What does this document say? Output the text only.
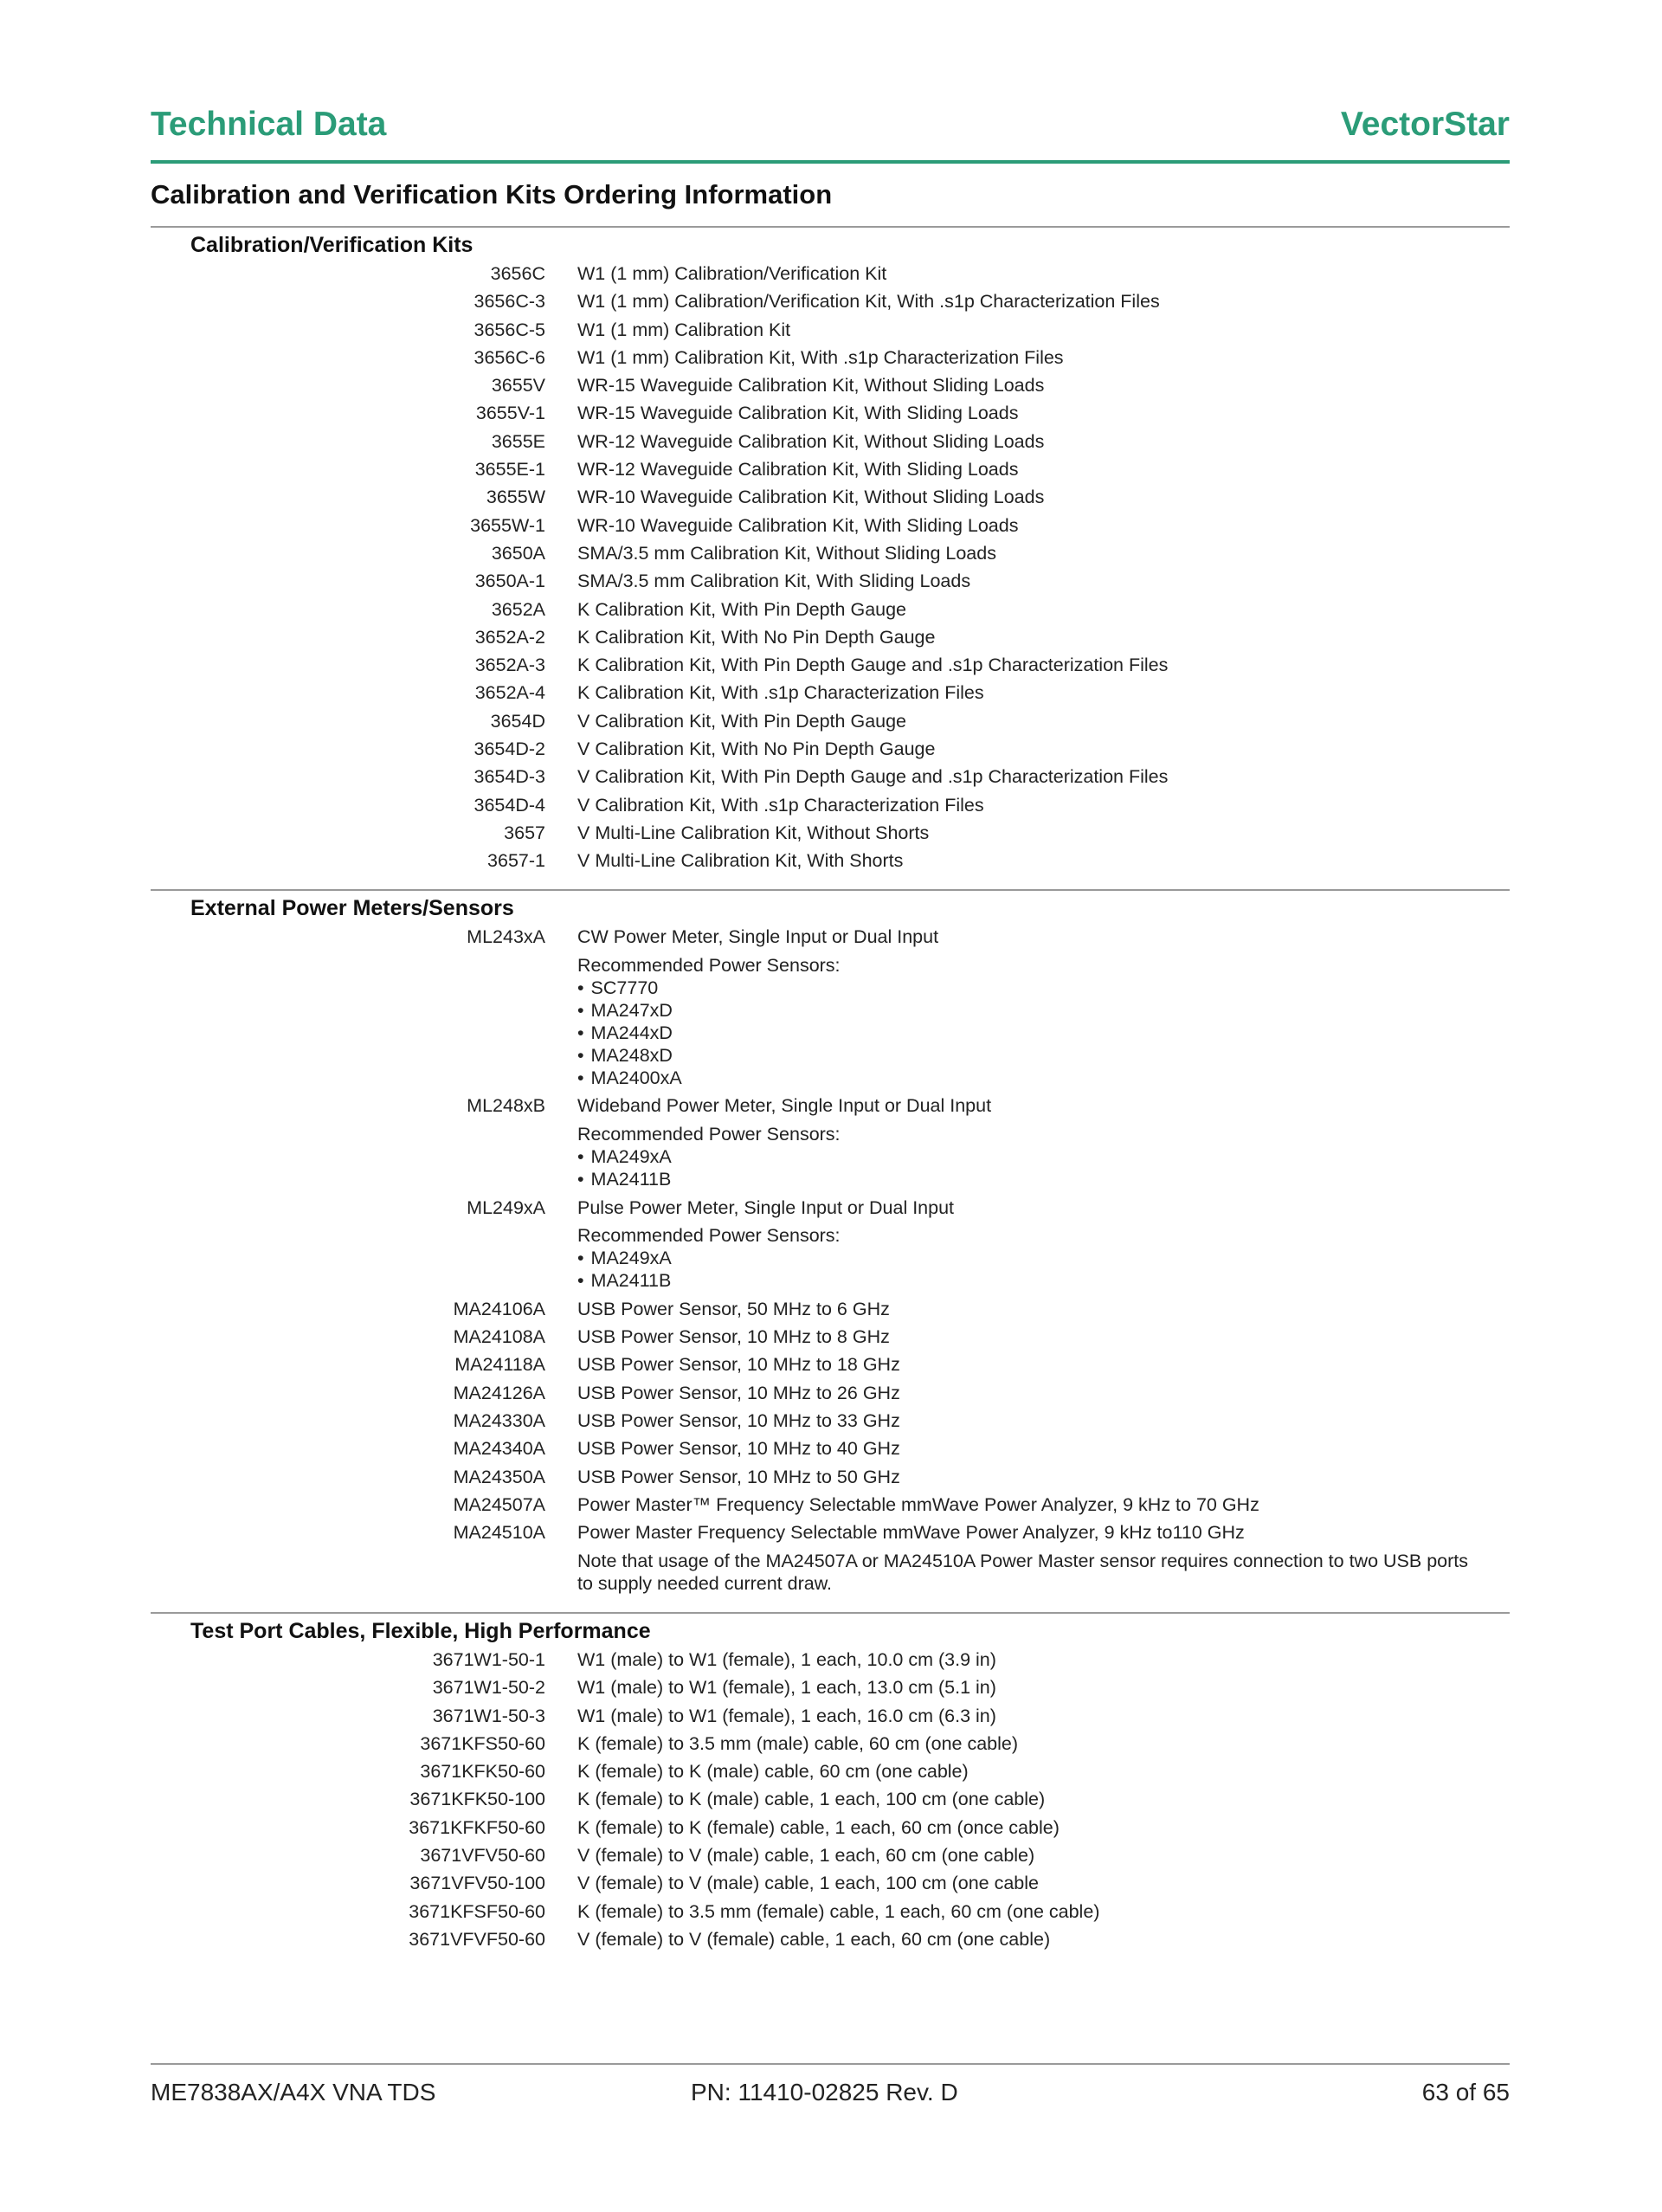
Technical Data	VectorStar
Calibration and Verification Kits Ordering Information
Calibration/Verification Kits
3656C W1 (1 mm) Calibration/Verification Kit
3656C-3 W1 (1 mm) Calibration/Verification Kit, With .s1p Characterization Files
3656C-5 W1 (1 mm) Calibration Kit
3656C-6 W1 (1 mm) Calibration Kit, With .s1p Characterization Files
3655V WR-15 Waveguide Calibration Kit, Without Sliding Loads
3655V-1 WR-15 Waveguide Calibration Kit, With Sliding Loads
3655E WR-12 Waveguide Calibration Kit, Without Sliding Loads
3655E-1 WR-12 Waveguide Calibration Kit, With Sliding Loads
3655W WR-10 Waveguide Calibration Kit, Without Sliding Loads
3655W-1 WR-10 Waveguide Calibration Kit, With Sliding Loads
3650A SMA/3.5 mm Calibration Kit, Without Sliding Loads
3650A-1 SMA/3.5 mm Calibration Kit, With Sliding Loads
3652A K Calibration Kit, With Pin Depth Gauge
3652A-2 K Calibration Kit, With No Pin Depth Gauge
3652A-3 K Calibration Kit, With Pin Depth Gauge and .s1p Characterization Files
3652A-4 K Calibration Kit, With .s1p Characterization Files
3654D V Calibration Kit, With Pin Depth Gauge
3654D-2 V Calibration Kit, With No Pin Depth Gauge
3654D-3 V Calibration Kit, With Pin Depth Gauge and .s1p Characterization Files
3654D-4 V Calibration Kit, With .s1p Characterization Files
3657 V Multi-Line Calibration Kit, Without Shorts
3657-1 V Multi-Line Calibration Kit, With Shorts
External Power Meters/Sensors
ML243xA CW Power Meter, Single Input or Dual Input
Recommended Power Sensors:
• SC7770
• MA247xD
• MA244xD
• MA248xD
• MA2400xA
ML248xB Wideband Power Meter, Single Input or Dual Input
Recommended Power Sensors:
• MA249xA
• MA2411B
ML249xA Pulse Power Meter, Single Input or Dual Input
Recommended Power Sensors:
• MA249xA
• MA2411B
MA24106A USB Power Sensor, 50 MHz to 6 GHz
MA24108A USB Power Sensor, 10 MHz to 8 GHz
MA24118A USB Power Sensor, 10 MHz to 18 GHz
MA24126A USB Power Sensor, 10 MHz to 26 GHz
MA24330A USB Power Sensor, 10 MHz to 33 GHz
MA24340A USB Power Sensor, 10 MHz to 40 GHz
MA24350A USB Power Sensor, 10 MHz to 50 GHz
MA24507A Power Master™ Frequency Selectable mmWave Power Analyzer, 9 kHz to 70 GHz
MA24510A Power Master Frequency Selectable mmWave Power Analyzer, 9 kHz to110 GHz
Note that usage of the MA24507A or MA24510A Power Master sensor requires connection to two USB ports
to supply needed current draw.
Test Port Cables, Flexible, High Performance
3671W1-50-1 W1 (male) to W1 (female), 1 each, 10.0 cm (3.9 in)
3671W1-50-2 W1 (male) to W1 (female), 1 each, 13.0 cm (5.1 in)
3671W1-50-3 W1 (male) to W1 (female), 1 each, 16.0 cm (6.3 in)
3671KFS50-60 K (female) to 3.5 mm (male) cable, 60 cm (one cable)
3671KFK50-60 K (female) to K (male) cable, 60 cm (one cable)
3671KFK50-100 K (female) to K (male) cable, 1 each, 100 cm (one cable)
3671KFKF50-60 K (female) to K (female) cable, 1 each, 60 cm (once cable)
3671VFV50-60 V (female) to V (male) cable, 1 each, 60 cm (one cable)
3671VFV50-100 V (female) to V (male) cable, 1 each, 100 cm (one cable
3671KFSF50-60 K (female) to 3.5 mm (female) cable, 1 each, 60 cm (one cable)
3671VFVF50-60 V (female) to V (female) cable, 1 each, 60 cm (one cable)
ME7838AX/A4X VNA TDS	PN: 11410-02825 Rev. D	63 of 65
